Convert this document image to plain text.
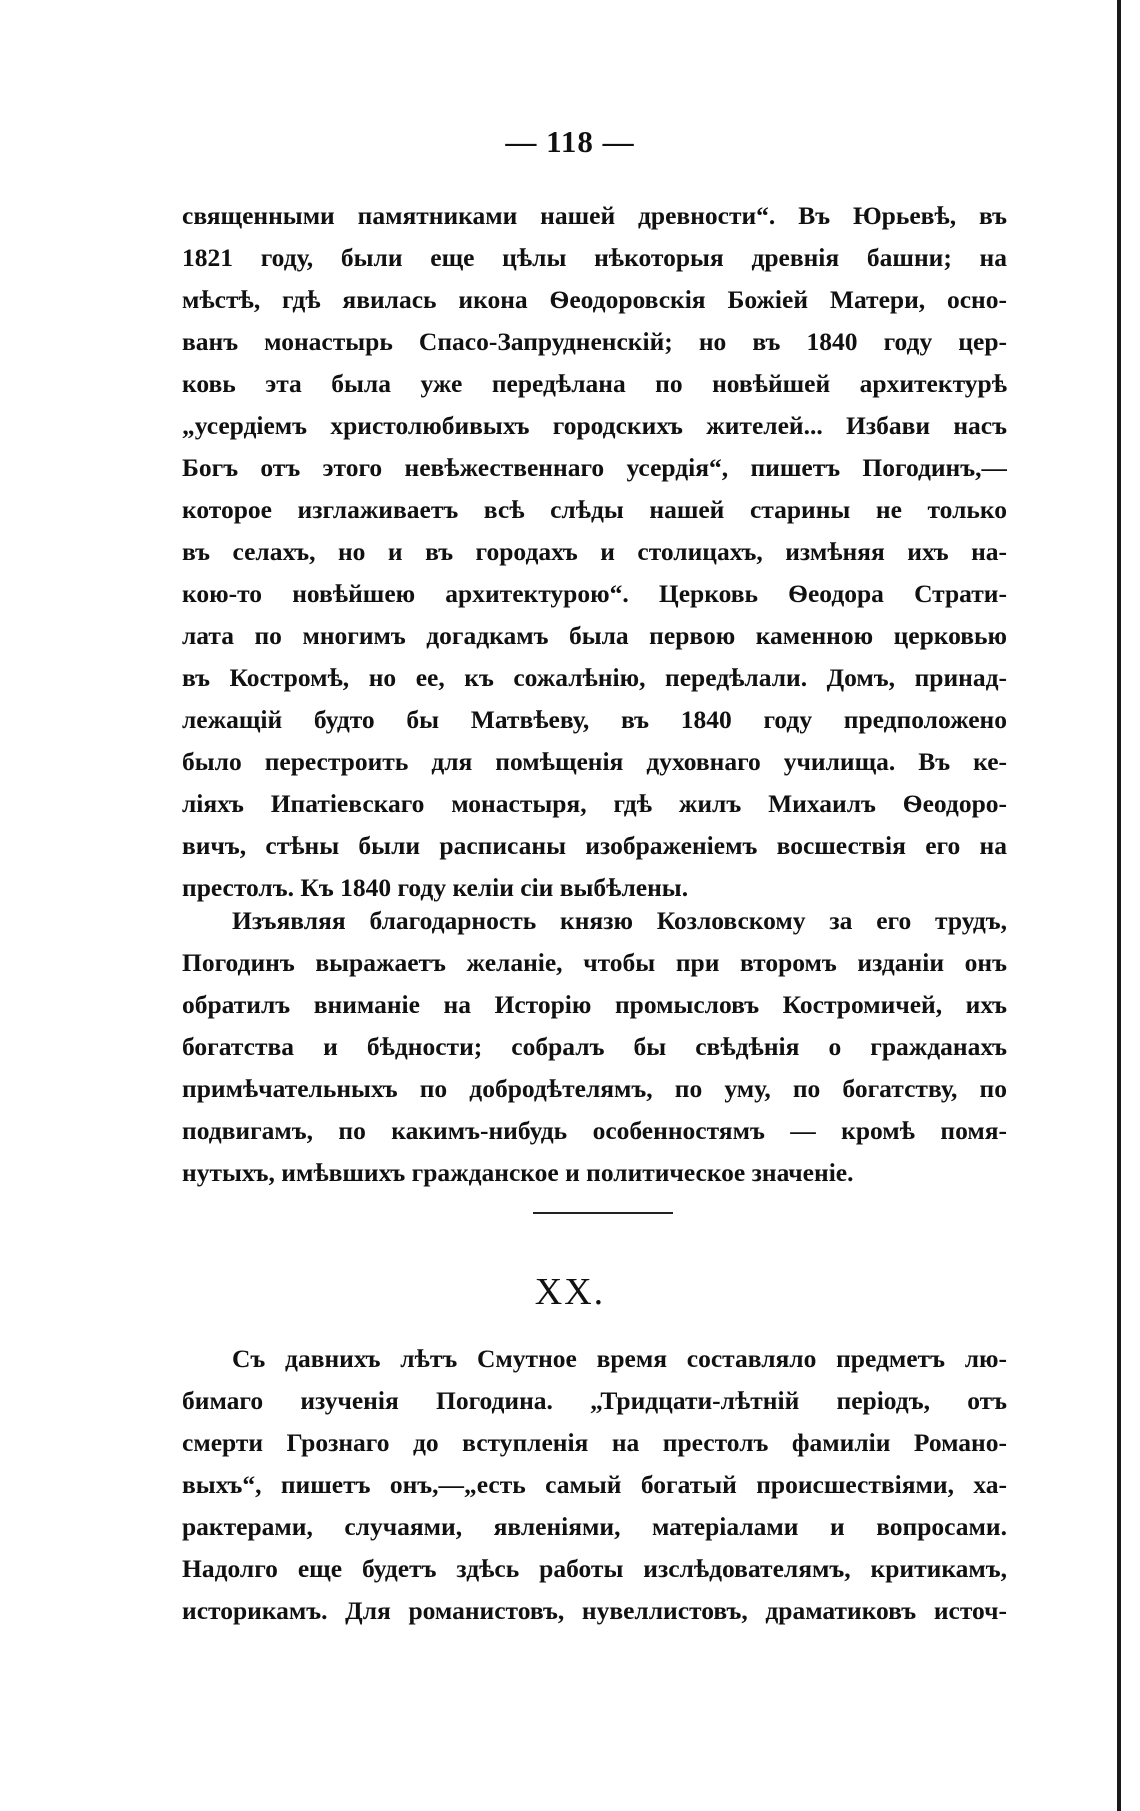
— 118 —
священными памятниками нашей древности“. Въ Юрьевѣ, въ
1821 году, были еще цѣлы нѣкоторыя древнія башни; на
мѣстѣ, гдѣ явилась икона Ѳеодоровскія Божіей Матери, осно-
ванъ монастырь Спасо-Запрудненскій; но въ 1840 году цер-
ковь эта была уже передѣлана по новѣйшей архитектурѣ
„усердіемъ христолюбивыхъ городскихъ жителей... Избави насъ
Богъ отъ этого невѣжественнаго усердія“, пишетъ Погодинъ,—
которое изглаживаетъ всѣ слѣды нашей старины не только
въ селахъ, но и въ городахъ и столицахъ, измѣняя ихъ на-
кою-то новѣйшею архитектурою“. Церковь Ѳеодора Страти-
лата по многимъ догадкамъ была первою каменною церковью
въ Костромѣ, но ее, къ сожалѣнію, передѣлали. Домъ, принад-
лежащій будто бы Матвѣеву, въ 1840 году предположено
было перестроить для помѣщенія духовнаго училища. Въ ке-
ліяхъ Ипатіевскаго монастыря, гдѣ жилъ Михаилъ Ѳеодоро-
вичъ, стѣны были расписаны изображеніемъ восшествія его на
престолъ. Къ 1840 году келіи сіи выбѣлены.
Изъявляя благодарность князю Козловскому за его трудъ,
Погодинъ выражаетъ желаніе, чтобы при второмъ изданіи онъ
обратилъ вниманіе на Исторію промысловъ Костромичей, ихъ
богатства и бѣдности; собралъ бы свѣдѣнія о гражданахъ
примѣчательныхъ по добродѣтелямъ, по уму, по богатству, по
подвигамъ, по какимъ-нибудь особенностямъ — кромѣ помя-
нутыхъ, имѣвшихъ гражданское и политическое значеніе.
XX.
Съ давнихъ лѣтъ Смутное время составляло предметъ лю-
бимаго изученія Погодина. „Тридцати-лѣтній періодъ, отъ
смерти Грознаго до вступленія на престолъ фамиліи Романо-
выхъ“, пишетъ онъ,—„есть самый богатый происшествіями, ха-
рактерами, случаями, явленіями, матеріалами и вопросами.
Надолго еще будетъ здѣсь работы изслѣдователямъ, критикамъ,
историкамъ. Для романистовъ, нувеллистовъ, драматиковъ источ-
